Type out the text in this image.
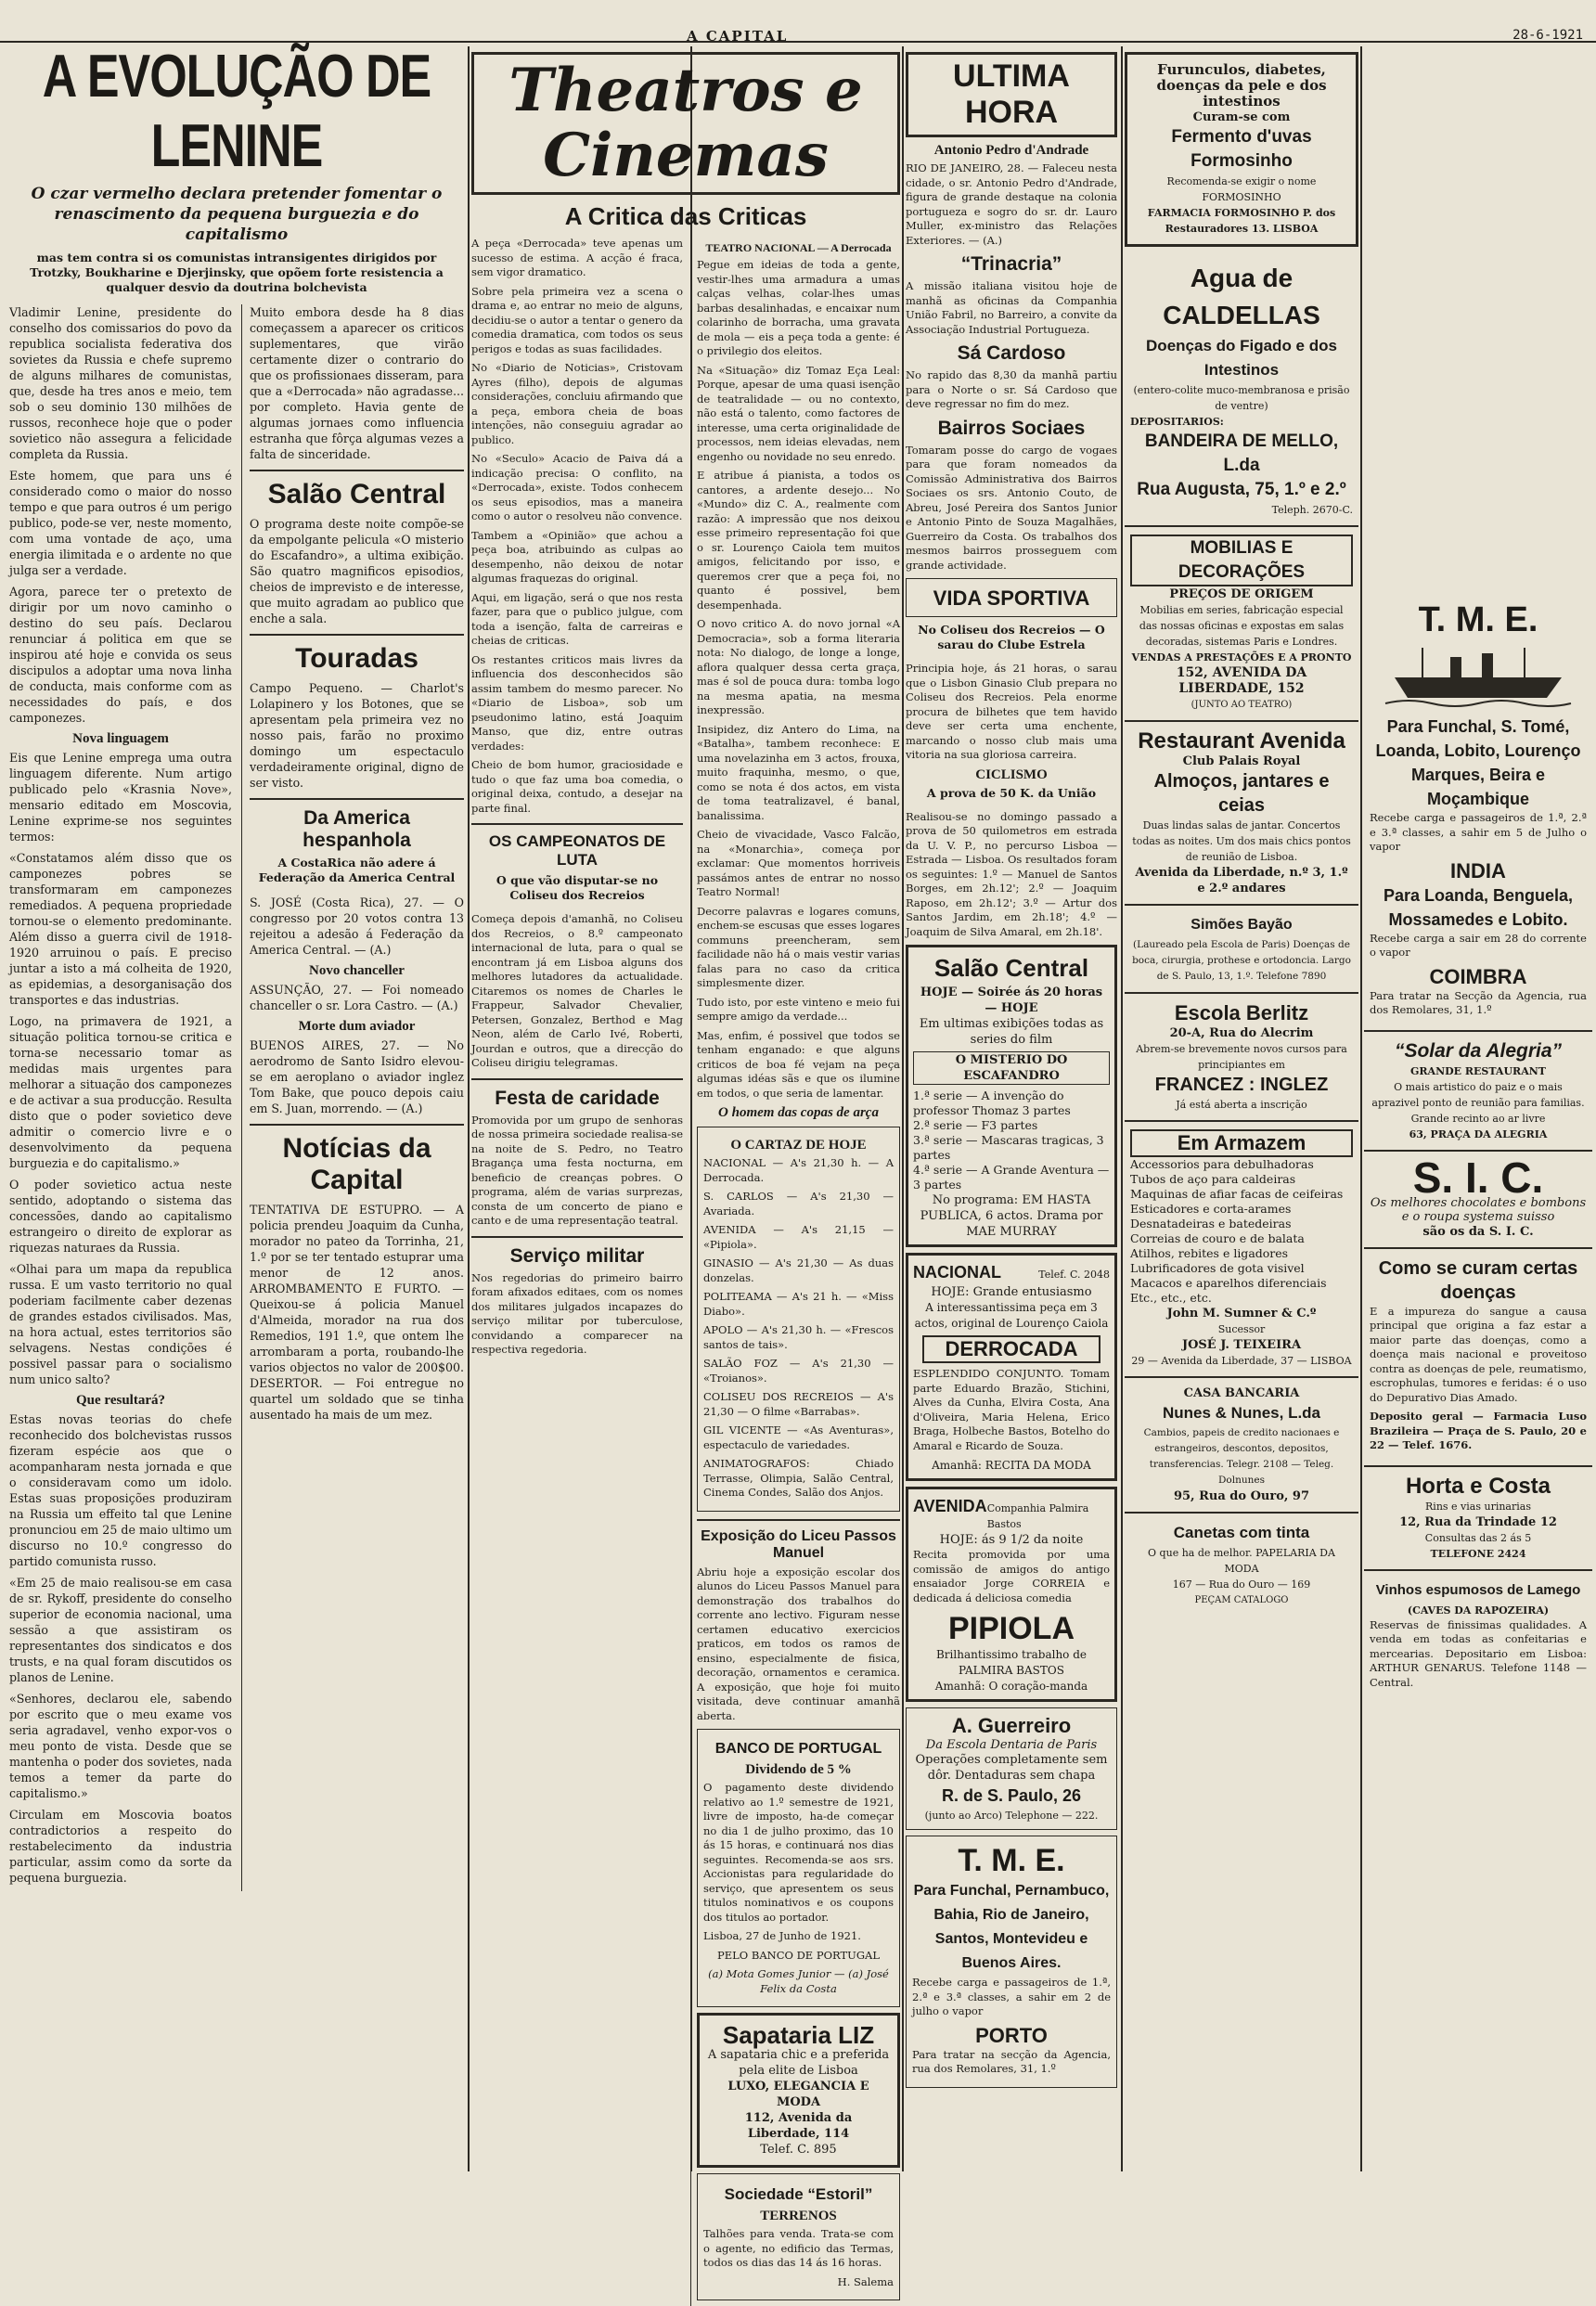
A CAPITAL	28-6-1921
A EVOLUÇÃO DE LENINE
O czar vermelho declara pretender fomentar o renascimento da pequena burguezia e do capitalismo
mas tem contra si os comunistas intransigentes dirigidos por Trotzky, Boukharine e Djerjinsky, que opõem forte resistencia a qualquer desvio da doutrina bolchevista

Vladimir Lenine, presidente do conselho dos comissarios do povo da republica socialista federativa dos sovietes da Russia e chefe supremo de alguns milhares de comunistas, que, desde ha tres anos e meio, tem sob o seu dominio 130 milhões de russos, reconhece hoje que o poder sovietico não assegura a felicidade completa da Russia.

Este homem, que para uns é considerado como o maior do nosso tempo e que para outros é um perigo publico, pode-se ver, neste momento, com uma vontade de aço, uma energia ilimitada e o ardente no que julga ser a verdade.

Agora, parece ter o pretexto de dirigir por um novo caminho o destino do seu país. Declarou renunciar á politica em que se inspirou até hoje e convida os seus discipulos a adoptar uma nova linha de conducta, mais conforme com as necessidades do país, e dos camponezes.

Nova linguagem

Eis que Lenine emprega uma outra linguagem diferente. Num artigo publicado pelo «Krasnia Nove», mensario editado em Moscovia, Lenine exprime-se nos seguintes termos:

«Constatamos além disso que os camponezes pobres se transformaram em camponezes remediados. A pequena propriedade tornou-se o elemento predominante. Além disso a guerra civil de 1918-1920 arruinou o país. E preciso juntar a isto a má colheita de 1920, as epidemias, a desorganisação dos transportes e das industrias.

Logo, na primavera de 1921, a situação politica tornou-se critica e torna-se necessario tomar as medidas mais urgentes para melhorar a situação dos camponezes e de activar a sua producção. Resulta disto que o poder sovietico deve admitir o comercio livre e o desenvolvimento da pequena burguezia e do capitalismo.»

O poder sovietico actua neste sentido, adoptando o sistema das concessões, dando ao capitalismo estrangeiro o direito de explorar as riquezas naturaes da Russia.

«Olhai para um mapa da republica russa. E um vasto territorio no qual poderiam facilmente caber dezenas de grandes estados civilisados. Mas, na hora actual, estes territorios são selvagens. Nestas condições é possivel passar para o socialismo num unico salto?

Que resultará?

Estas novas teorias do chefe reconhecido dos bolchevistas russos fizeram espécie aos que o acompanharam nesta jornada e que o consideravam como um idolo. Estas suas proposições produziram na Russia um effeito tal que Lenine pronunciou em 25 de maio ultimo um discurso no 10.º congresso do partido comunista russo.

«Em 25 de maio realisou-se em casa de sr. Rykoff, presidente do conselho superior de economia nacional, uma sessão a que assistiram os representantes dos sindicatos e dos trusts, e na qual foram discutidos os planos de Lenine.

«Senhores, declarou ele, sabendo por escrito que o meu exame vos seria agradavel, venho expor-vos o meu ponto de vista. Desde que se mantenha o poder dos sovietes, nada temos a temer da parte do capitalismo.»

Circulam em Moscovia boatos contradictorios a respeito do restabelecimento da industria particular, assim como da sorte da pequena burguezia.

Muito embora desde ha 8 dias começassem a aparecer os criticos suplementares, que virão certamente dizer o contrario do que os profissionaes disseram, para que a «Derrocada» não agradasse... por completo. Havia gente de algumas jornaes como influencia estranha que fôrça algumas vezes a falta de sinceridade.

Salão Central

O programa deste noite compõe-se da empolgante pelicula «O misterio do Escafandro», a ultima exibição. São quatro magnificos episodios, cheios de imprevisto e de interesse, que muito agradam ao publico que enche a sala.

Touradas

Campo Pequeno. — Charlot's Lolapinero y los Botones, que se apresentam pela primeira vez no nosso pais, farão no proximo domingo um espectaculo verdadeiramente original, digno de ser visto.

Da America hespanhola
A CostaRica não adere á Federação da America Central

S. JOSÉ (Costa Rica), 27. — O congresso por 20 votos contra 13 rejeitou a adesão á Federação da America Central. — (A.)

Novo chanceller

ASSUNÇÃO, 27. — Foi nomeado chanceller o sr. Lora Castro. — (A.)

Morte dum aviador

BUENOS AIRES, 27. — No aerodromo de Santo Isidro elevou-se em aeroplano o aviador inglez Tom Bake, que pouco depois caiu em S. Juan, morrendo. — (A.)

Notícias da Capital

TENTATIVA DE ESTUPRO. — A policia prendeu Joaquim da Cunha, morador no pateo da Torrinha, 21, 1.º por se ter tentado estuprar uma menor de 12 anos. ARROMBAMENTO E FURTO. — Queixou-se á policia Manuel d'Almeida, morador na rua dos Remedios, 191 1.º, que ontem lhe arrombaram a porta, roubando-lhe varios objectos no valor de 200$00. DESERTOR. — Foi entregue no quartel um soldado que se tinha ausentado ha mais de um mez.

Theatros e Cinemas
A Critica das Criticas

A peça «Derrocada» teve apenas um sucesso de estima. A acção é fraca, sem vigor dramatico.

Sobre pela primeira vez a scena o drama e, ao entrar no meio de alguns, decidiu-se o autor a tentar o genero da comedia dramatica, com todos os seus perigos e todas as suas facilidades.

No «Diario de Noticias», Cristovam Ayres (filho), depois de algumas considerações, concluiu afirmando que a peça, embora cheia de boas intenções, não conseguiu agradar ao publico.

No «Seculo» Acacio de Paiva dá a indicação precisa: O conflito, na «Derrocada», existe. Todos conhecem os seus episodios, mas a maneira como o autor o resolveu não convence.

Tambem a «Opinião» que achou a peça boa, atribuindo as culpas ao desempenho, não deixou de notar algumas fraquezas do original.

Aqui, em ligação, será o que nos resta fazer, para que o publico julgue, com toda a isenção, falta de carreiras e cheias de criticas.

Os restantes criticos mais livres da influencia dos desconhecidos são assim tambem do mesmo parecer. No «Diario de Lisboa», sob um pseudonimo latino, está Joaquim Manso, que diz, entre outras verdades:

Cheio de bom humor, graciosidade e tudo o que faz uma boa comedia, o original deixa, contudo, a desejar na parte final.

OS CAMPEONATOS DE LUTA
O que vão disputar-se no Coliseu dos Recreios

Começa depois d'amanhã, no Coliseu dos Recreios, o 8.º campeonato internacional de luta, para o qual se encontram já em Lisboa alguns dos melhores lutadores da actualidade. Citaremos os nomes de Charles le Frappeur, Salvador Chevalier, Petersen, Gonzalez, Berthod e Mag Neon, além de Carlo Ivé, Roberti, Jourdan e outros, que a direcção do Coliseu dirigiu telegramas.

Festa de caridade

Promovida por um grupo de senhoras de nossa primeira sociedade realisa-se na noite de S. Pedro, no Teatro Bragança uma festa nocturna, em beneficio de creanças pobres. O programa, além de varias surprezas, consta de um concerto de piano e canto e de uma representação teatral.

Serviço militar

Nos regedorias do primeiro bairro foram afixados editaes, com os nomes dos militares julgados incapazes do serviço militar por tuberculose, convidando a comparecer na respectiva regedoria.

TEATRO NACIONAL — A Derrocada

Pegue em ideias de toda a gente, vestir-lhes uma armadura a umas calças velhas, colar-lhes umas barbas desalinhadas, e encaixar num colarinho de borracha, uma gravata de mola — eis a peça toda a gente: é o privilegio dos eleitos.

Na «Situação» diz Tomaz Eça Leal: Porque, apesar de uma quasi isenção de teatralidade — ou no contexto, não está o talento, como factores de interesse, uma certa originalidade de processos, nem ideias elevadas, nem engenho ou novidade no seu enredo.

E atribue á pianista, a todos os cantores, a ardente desejo... No «Mundo» diz C. A., realmente com razão: A impressão que nos deixou esse primeiro representação foi que o sr. Lourenço Caiola tem muitos amigos, felicitando por isso, e queremos crer que a peça foi, no quanto é possivel, bem desempenhada.

O novo critico A. do novo jornal «A Democracia», sob a forma literaria nota: No dialogo, de longe a longe, aflora qualquer dessa certa graça, mas é sol de pouca dura: tomba logo na mesma apatia, na mesma inexpressão.

Insipidez, diz Antero do Lima, na «Batalha», tambem reconhece: E uma novelazinha em 3 actos, frouxa, muito fraquinha, mesmo, o que, como se nota é dos actos, em vista de toma teatralizavel, é banal, banalissima.

Cheio de vivacidade, Vasco Falcão, na «Monarchia», começa por exclamar: Que momentos horriveis passámos antes de entrar no nosso Teatro Normal!

Decorre palavras e logares comuns, enchem-se escusas que esses logares communs preencheram, sem facilidade não há o mais vestir varias falas para no caso da critica simplesmente dizer.

Tudo isto, por este vinteno e meio fui sempre amigo da verdade...

Mas, enfim, é possivel que todos se tenham enganado: e que alguns criticos de boa fé vejam na peça algumas idéas sãs e que os ilumine em todos, o que seria de lamentar.

O homem das copas de arça
O CARTAZ DE HOJE
NACIONAL — A's 21,30 h. — A Derrocada.
S. CARLOS — A's 21,30 — Avariada.
AVENIDA — A's 21,15 — «Pipiola».
GINASIO — A's 21,30 — As duas donzelas.
POLITEAMA — A's 21 h. — «Miss Diabo».
APOLO — A's 21,30 h. — «Frescos santos de tais».
SALÃO FOZ — A's 21,30 — «Troianos».
COLISEU DOS RECREIOS — A's 21,30 — O filme «Barrabas».
GIL VICENTE — «As Aventuras», espectaculo de variedades.
ANIMATOGRAFOS: Chiado Terrasse, Olimpia, Salão Central, Cinema Condes, Salão dos Anjos.
Exposição do Liceu Passos Manuel

Abriu hoje a exposição escolar dos alunos do Liceu Passos Manuel para demonstração dos trabalhos do corrente ano lectivo. Figuram nesse certamen educativo exercicios praticos, em todos os ramos de ensino, especialmente de fisica, decoração, ornamentos e ceramica. A exposição, que hoje foi muito visitada, deve continuar amanhã aberta.

BANCO DE PORTUGAL
Dividendo de 5 %

O pagamento deste dividendo relativo ao 1.º semestre de 1921, livre de imposto, ha-de começar no dia 1 de julho proximo, das 10 ás 15 horas, e continuará nos dias seguintes. Recomenda-se aos srs. Accionistas para regularidade do serviço, que apresentem os seus titulos nominativos e os coupons dos titulos ao portador.

Lisboa, 27 de Junho de 1921.

PELO BANCO DE PORTUGAL

(a) Mota Gomes Junior — (a) José Felix da Costa

Sapataria LIZ
A sapataria chic e a preferida pela elite de Lisboa
LUXO, ELEGANCIA E MODA
112, Avenida da Liberdade, 114
Telef. C. 895
Sociedade “Estoril”
TERRENOS

Talhões para venda. Trata-se com o agente, no edificio das Termas, todos os dias das 14 ás 16 horas.

H. Salema

ULTIMA HORA
Antonio Pedro d'Andrade

RIO DE JANEIRO, 28. — Faleceu nesta cidade, o sr. Antonio Pedro d'Andrade, figura de grande destaque na colonia portugueza e sogro do sr. dr. Lauro Muller, ex-ministro das Relações Exteriores. — (A.)

“Trinacria”

A missão italiana visitou hoje de manhã as oficinas da Companhia União Fabril, no Barreiro, a convite da Associação Industrial Portugueza.

Sá Cardoso

No rapido das 8,30 da manhã partiu para o Norte o sr. Sá Cardoso que deve regressar no fim do mez.

Bairros Sociaes

Tomaram posse do cargo de vogaes para que foram nomeados da Comissão Administrativa dos Bairros Sociaes os srs. Antonio Couto, de Abreu, José Pereira dos Santos Junior e Antonio Pinto de Souza Magalhães, Guerreiro da Costa. Os trabalhos dos mesmos bairros prosseguem com grande actividade.

VIDA SPORTIVA
No Coliseu dos Recreios — O sarau do Clube Estrela

Principia hoje, ás 21 horas, o sarau que o Lisbon Ginasio Club prepara no Coliseu dos Recreios. Pela enorme procura de bilhetes que tem havido deve ser certa uma enchente, marcando o nosso club mais uma vitoria na sua gloriosa carreira.

CICLISMO
A prova de 50 K. da União

Realisou-se no domingo passado a prova de 50 quilometros em estrada da U. V. P., no percurso Lisboa — Estrada — Lisboa. Os resultados foram os seguintes: 1.º — Manuel de Santos Borges, em 2h.12'; 2.º — Joaquim Raposo, em 2h.12'; 3.º — Artur dos Santos Jardim, em 2h.18'; 4.º — Joaquim de Silva Amaral, em 2h.18'.

Salão Central
HOJE — Soirée ás 20 horas — HOJE
Em ultimas exibições todas as series do film
O MISTERIO DO ESCAFANDRO
1.ª serie — A invenção do professor Thomaz 3 partes
2.ª serie — F3 partes
3.ª serie — Mascaras tragicas, 3 partes
4.ª serie — A Grande Aventura — 3 partes
No programa: EM HASTA PUBLICA, 6 actos. Drama por MAE MURRAY
NACIONAL	Telef. C. 2048
HOJE: Grande entusiasmo
A interessantissima peça em 3 actos, original de Lourenço Caiola
DERROCADA

ESPLENDIDO CONJUNTO. Tomam parte Eduardo Brazão, Stichini, Alves da Cunha, Elvira Costa, Ana d'Oliveira, Maria Helena, Erico Braga, Holbeche Bastos, Botelho do Amaral e Ricardo de Souza.

Amanhã: RECITA DA MODA
AVENIDA Companhia Palmira Bastos
HOJE: ás 9 1/2 da noite

Recita promovida por uma comissão de amigos do antigo ensaiador Jorge CORREIA e dedicada á deliciosa comedia

PIPIOLA
Brilhantissimo trabalho de PALMIRA BASTOS
Amanhã: O coração-manda
A. Guerreiro
Da Escola Dentaria de Paris
Operações completamente sem dôr. Dentaduras sem chapa
R. de S. Paulo, 26
(junto ao Arco) Telephone — 222.
T. M. E.
Para Funchal, Pernambuco, Bahia, Rio de Janeiro, Santos, Montevideu e Buenos Aires.

Recebe carga e passageiros de 1.ª, 2.ª e 3.ª classes, a sahir em 2 de julho o vapor

PORTO

Para tratar na secção da Agencia, rua dos Remolares, 31, 1.º

Furunculos, diabetes, doenças da pele e dos intestinos
Curam-se com
Fermento d'uvas Formosinho
Recomenda-se exigir o nome FORMOSINHO
FARMACIA FORMOSINHO P. dos Restauradores 13. LISBOA
Agua de CALDELLAS
Doenças do Figado e dos Intestinos
(entero-colite muco-membranosa e prisão de ventre)
DEPOSITARIOS:
BANDEIRA DE MELLO, L.da
Rua Augusta, 75, 1.º e 2.º
Teleph. 2670-C.
MOBILIAS E DECORAÇÕES
PREÇOS DE ORIGEM
Mobilias em series, fabricação especial das nossas oficinas e expostas em salas decoradas, sistemas Paris e Londres.
VENDAS A PRESTAÇÕES E A PRONTO
152, AVENIDA DA LIBERDADE, 152
(JUNTO AO TEATRO)
Restaurant Avenida
Club Palais Royal
Almoços, jantares e ceias
Duas lindas salas de jantar. Concertos todas as noites. Um dos mais chics pontos de reunião de Lisboa.
Avenida da Liberdade, n.º 3, 1.º e 2.º andares
Simões Bayão
(Laureado pela Escola de Paris) Doenças de boca, cirurgia, prothese e ortodoncia. Largo de S. Paulo, 13, 1.º. Telefone 7890
Escola Berlitz
20-A, Rua do Alecrim
Abrem-se brevemente novos cursos para principiantes em
FRANCEZ : INGLEZ
Já está aberta a inscrição
Em Armazem
Accessorios para debulhadoras
Tubos de aço para caldeiras
Maquinas de afiar facas de ceifeiras
Esticadores e corta-arames
Desnatadeiras e batedeiras
Correias de couro e de balata
Atilhos, rebites e ligadores
Lubrificadores de gota visivel
Macacos e aparelhos diferenciais
Etc., etc., etc.
John M. Sumner & C.º
Sucessor
JOSÉ J. TEIXEIRA
29 — Avenida da Liberdade, 37 — LISBOA
CASA BANCARIA
Nunes & Nunes, L.da
Cambios, papeis de credito nacionaes e estrangeiros, descontos, depositos, transferencias. Telegr. 2108 — Teleg. Dolnunes
95, Rua do Ouro, 97
Canetas com tinta
O que ha de melhor. PAPELARIA DA MODA
167 — Rua do Ouro — 169
PEÇAM CATALOGO
T. M. E.
Para Funchal, S. Tomé, Loanda, Lobito, Lourenço Marques, Beira e Moçambique

Recebe carga e passageiros de 1.ª, 2.ª e 3.ª classes, a sahir em 5 de Julho o vapor

INDIA
Para Loanda, Benguela, Mossamedes e Lobito.

Recebe carga a sair em 28 do corrente o vapor

COIMBRA

Para tratar na Secção da Agencia, rua dos Remolares, 31, 1.º

“Solar da Alegria”
GRANDE RESTAURANT
O mais artistico do paiz e o mais aprazivel ponto de reunião para familias.
Grande recinto ao ar livre
63, PRAÇA DA ALEGRIA
S. I. C.
Os melhores chocolates e bombons e o roupa systema suisso
são os da S. I. C.
Como se curam certas doenças

E a impureza do sangue a causa principal que origina a faz estar a maior parte das doenças, como a doença mais nacional e proveitoso contra as doenças de pele, reumatismo, escrophulas, tumores e feridas: é o uso do Depurativo Dias Amado.

Deposito geral — Farmacia Luso Brazileira — Praça de S. Paulo, 20 e 22 — Telef. 1676.

Horta e Costa
Rins e vias urinarias
12, Rua da Trindade 12
Consultas das 2 ás 5
TELEFONE 2424
Vinhos espumosos de Lamego
(CAVES DA RAPOZEIRA)

Reservas de finissimas qualidades. A venda em todas as confeitarias e mercearias. Depositario em Lisboa: ARTHUR GENARUS. Telefone 1148 — Central.
